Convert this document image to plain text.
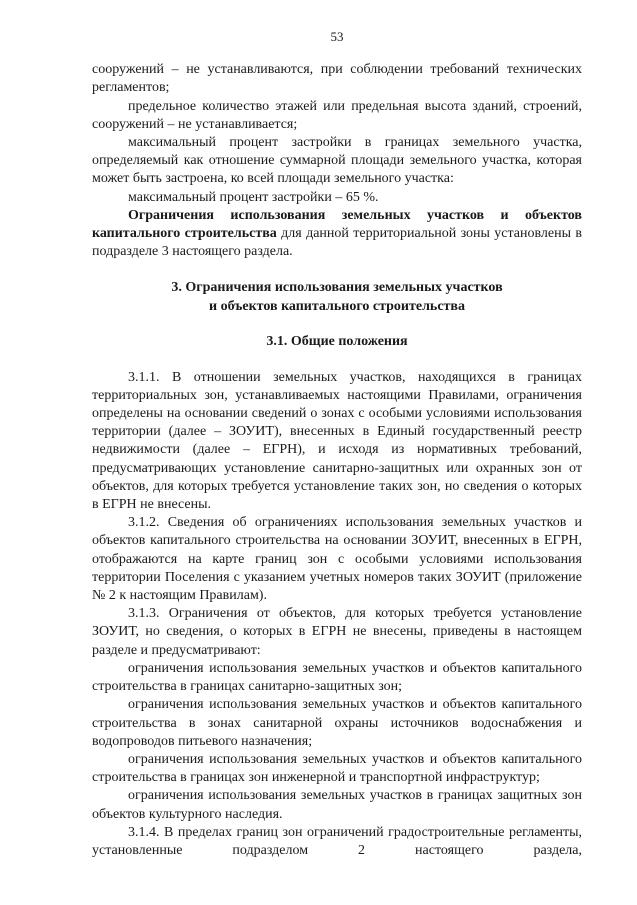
53

сооружений – не устанавливаются, при соблюдении требований технических регламентов;

предельное количество этажей или предельная высота зданий, строений, сооружений – не устанавливается;

максимальный процент застройки в границах земельного участка, определяемый как отношение суммарной площади земельного участка, которая может быть застроена, ко всей площади земельного участка:

максимальный процент застройки – 65 %.

Ограничения использования земельных участков и объектов капитального строительства для данной территориальной зоны установлены в подразделе 3 настоящего раздела.

3. Ограничения использования земельных участков
и объектов капитального строительства
3.1. Общие положения

3.1.1. В отношении земельных участков, находящихся в границах территориальных зон, устанавливаемых настоящими Правилами, ограничения определены на основании сведений о зонах с особыми условиями использования территории (далее – ЗОУИТ), внесенных в Единый государственный реестр недвижимости (далее – ЕГРН), и исходя из нормативных требований, предусматривающих установление санитарно-защитных или охранных зон от объектов, для которых требуется установление таких зон, но сведения о которых в ЕГРН не внесены.

3.1.2. Сведения об ограничениях использования земельных участков и объектов капитального строительства на основании ЗОУИТ, внесенных в ЕГРН, отображаются на карте границ зон с особыми условиями использования территории Поселения с указанием учетных номеров таких ЗОУИТ (приложение № 2 к настоящим Правилам).

3.1.3. Ограничения от объектов, для которых требуется установление ЗОУИТ, но сведения, о которых в ЕГРН не внесены, приведены в настоящем разделе и предусматривают:

ограничения использования земельных участков и объектов капитального строительства в границах санитарно-защитных зон;

ограничения использования земельных участков и объектов капитального строительства в зонах санитарной охраны источников водоснабжения и водопроводов питьевого назначения;

ограничения использования земельных участков и объектов капитального строительства в границах зон инженерной и транспортной инфраструктур;

ограничения использования земельных участков в границах защитных зон объектов культурного наследия.

3.1.4. В пределах границ зон ограничений градостроительные регламенты, установленные подразделом 2 настоящего раздела,
